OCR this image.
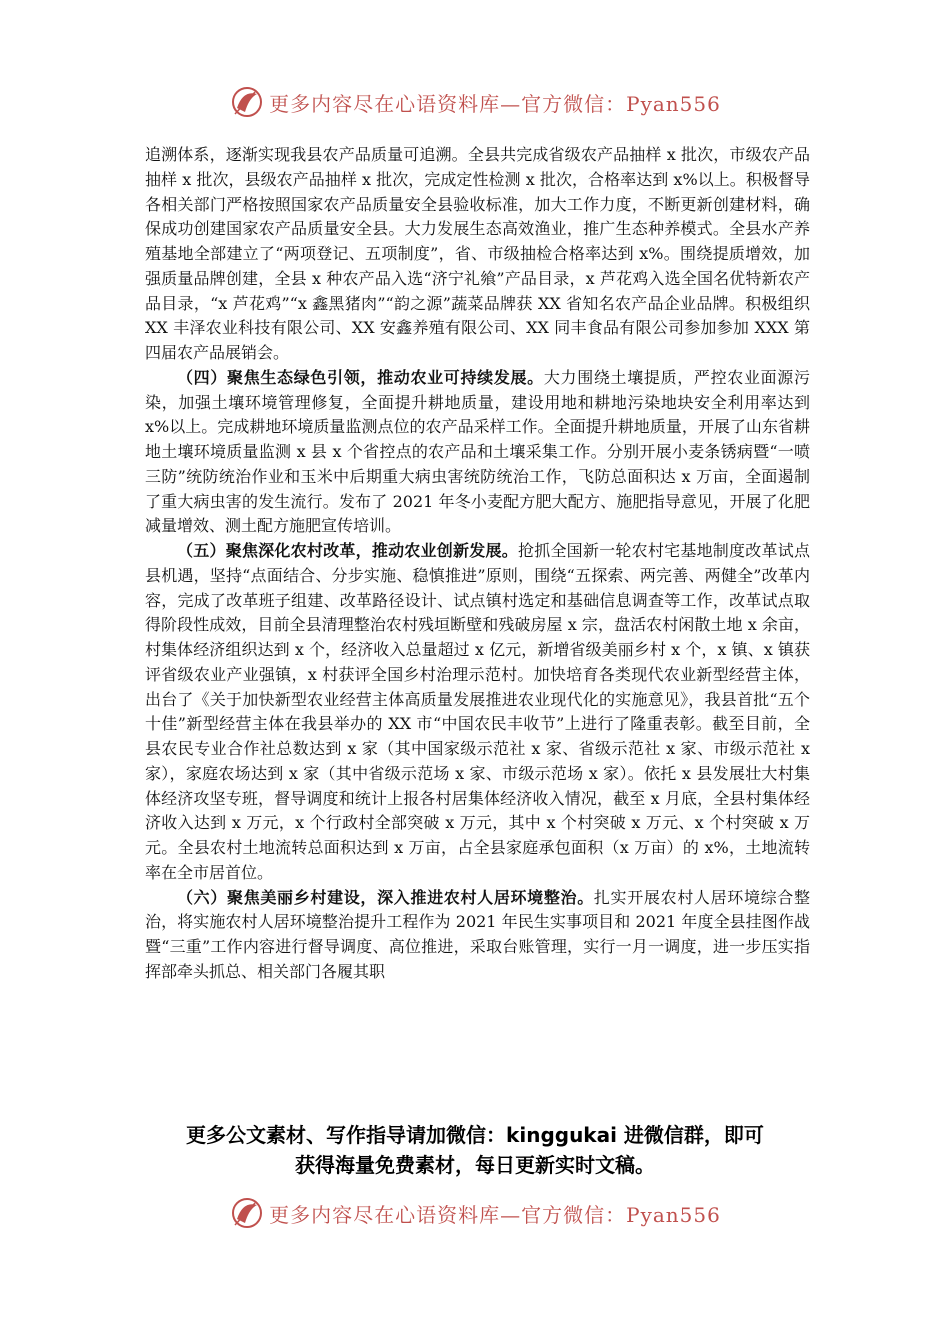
更多内容尽在心语资料库—官方微信：Pyan556

追溯体系，逐渐实现我县农产品质量可追溯。全县共完成省级农产品抽样 x 批次，市级农产品抽样 x 批次，县级农产品抽样 x 批次，完成定性检测 x 批次，合格率达到 x%以上。积极督导各相关部门严格按照国家农产品质量安全县验收标准，加大工作力度，不断更新创建材料，确保成功创建国家农产品质量安全县。大力发展生态高效渔业，推广生态种养模式。全县水产养殖基地全部建立了“两项登记、五项制度”，省、市级抽检合格率达到 x%。围绕提质增效，加强质量品牌创建，全县 x 种农产品入选“济宁礼飨”产品目录，x 芦花鸡入选全国名优特新农产品目录，“x 芦花鸡”“x 鑫黑猪肉”“韵之源”蔬菜品牌获 XX 省知名农产品企业品牌。积极组织 XX 丰泽农业科技有限公司、XX 安鑫养殖有限公司、XX 同丰食品有限公司参加参加 XXX 第四届农产品展销会。

（四）聚焦生态绿色引领，推动农业可持续发展。大力围绕土壤提质，严控农业面源污染，加强土壤环境管理修复，全面提升耕地质量，建设用地和耕地污染地块安全利用率达到 x%以上。完成耕地环境质量监测点位的农产品采样工作。全面提升耕地质量，开展了山东省耕地土壤环境质量监测 x 县 x 个省控点的农产品和土壤采集工作。分别开展小麦条锈病暨“一喷三防”统防统治作业和玉米中后期重大病虫害统防统治工作，飞防总面积达 x 万亩，全面遏制了重大病虫害的发生流行。发布了 2021 年冬小麦配方肥大配方、施肥指导意见，开展了化肥减量增效、测土配方施肥宣传培训。

（五）聚焦深化农村改革，推动农业创新发展。抢抓全国新一轮农村宅基地制度改革试点县机遇，坚持“点面结合、分步实施、稳慎推进”原则，围绕“五探索、两完善、两健全”改革内容，完成了改革班子组建、改革路径设计、试点镇村选定和基础信息调查等工作，改革试点取得阶段性成效，目前全县清理整治农村残垣断壁和残破房屋 x 宗，盘活农村闲散土地 x 余亩，村集体经济组织达到 x 个，经济收入总量超过 x 亿元，新增省级美丽乡村 x 个，x 镇、x 镇获评省级农业产业强镇，x 村获评全国乡村治理示范村。加快培育各类现代农业新型经营主体，出台了《关于加快新型农业经营主体高质量发展推进农业现代化的实施意见》，我县首批“五个十佳”新型经营主体在我县举办的 XX 市“中国农民丰收节”上进行了隆重表彰。截至目前，全县农民专业合作社总数达到 x 家（其中国家级示范社 x 家、省级示范社 x 家、市级示范社 x 家），家庭农场达到 x 家（其中省级示范场 x 家、市级示范场 x 家）。依托 x 县发展壮大村集体经济攻坚专班，督导调度和统计上报各村居集体经济收入情况，截至 x 月底，全县村集体经济收入达到 x 万元，x 个行政村全部突破 x 万元，其中 x 个村突破 x 万元、x 个村突破 x 万元。全县农村土地流转总面积达到 x 万亩，占全县家庭承包面积（x 万亩）的 x%，土地流转率在全市居首位。

（六）聚焦美丽乡村建设，深入推进农村人居环境整治。扎实开展农村人居环境综合整治，将实施农村人居环境整治提升工程作为 2021 年民生实事项目和 2021 年度全县挂图作战暨“三重”工作内容进行督导调度、高位推进，采取台账管理，实行一月一调度，进一步压实指挥部牵头抓总、相关部门各履其职

更多公文素材、写作指导请加微信：kinggukai 进微信群，即可
获得海量免费素材，每日更新实时文稿。
更多内容尽在心语资料库—官方微信：Pyan556
